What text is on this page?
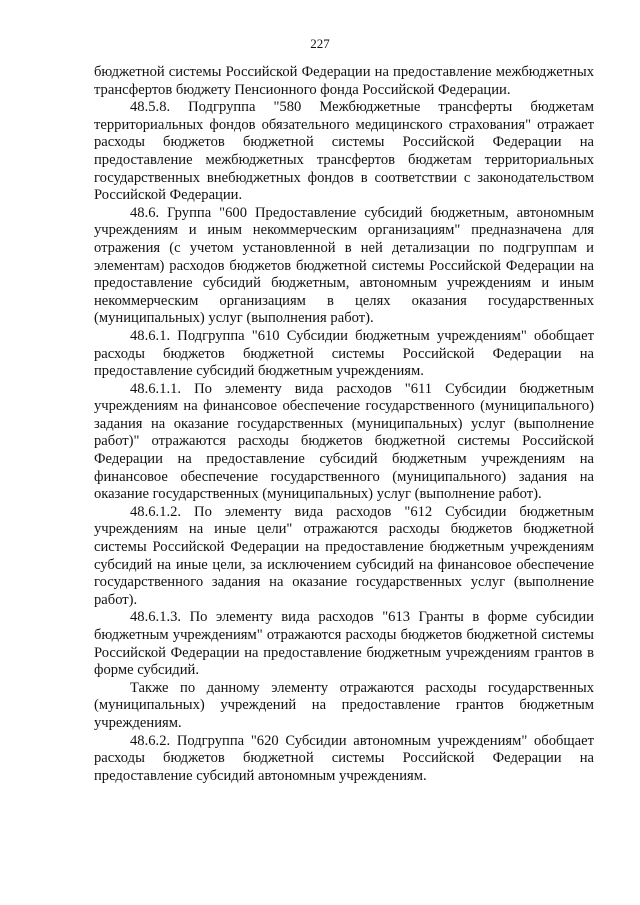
227

бюджетной системы Российской Федерации на предоставление межбюджетных трансфертов бюджету Пенсионного фонда Российской Федерации.

48.5.8. Подгруппа "580 Межбюджетные трансферты бюджетам территориальных фондов обязательного медицинского страхования" отражает расходы бюджетов бюджетной системы Российской Федерации на предоставление межбюджетных трансфертов бюджетам территориальных государственных внебюджетных фондов в соответствии с законодательством Российской Федерации.

48.6. Группа "600 Предоставление субсидий бюджетным, автономным учреждениям и иным некоммерческим организациям" предназначена для отражения (с учетом установленной в ней детализации по подгруппам и элементам) расходов бюджетов бюджетной системы Российской Федерации на предоставление субсидий бюджетным, автономным учреждениям и иным некоммерческим организациям в целях оказания государственных (муниципальных) услуг (выполнения работ).

48.6.1. Подгруппа "610 Субсидии бюджетным учреждениям" обобщает расходы бюджетов бюджетной системы Российской Федерации на предоставление субсидий бюджетным учреждениям.

48.6.1.1. По элементу вида расходов "611 Субсидии бюджетным учреждениям на финансовое обеспечение государственного (муниципального) задания на оказание государственных (муниципальных) услуг (выполнение работ)" отражаются расходы бюджетов бюджетной системы Российской Федерации на предоставление субсидий бюджетным учреждениям на финансовое обеспечение государственного (муниципального) задания на оказание государственных (муниципальных) услуг (выполнение работ).

48.6.1.2. По элементу вида расходов "612 Субсидии бюджетным учреждениям на иные цели" отражаются расходы бюджетов бюджетной системы Российской Федерации на предоставление бюджетным учреждениям субсидий на иные цели, за исключением субсидий на финансовое обеспечение государственного задания на оказание государственных услуг (выполнение работ).

48.6.1.3. По элементу вида расходов "613 Гранты в форме субсидии бюджетным учреждениям" отражаются расходы бюджетов бюджетной системы Российской Федерации на предоставление бюджетным учреждениям грантов в форме субсидий.

Также по данному элементу отражаются расходы государственных (муниципальных) учреждений на предоставление грантов бюджетным учреждениям.

48.6.2. Подгруппа "620 Субсидии автономным учреждениям" обобщает расходы бюджетов бюджетной системы Российской Федерации на предоставление субсидий автономным учреждениям.
